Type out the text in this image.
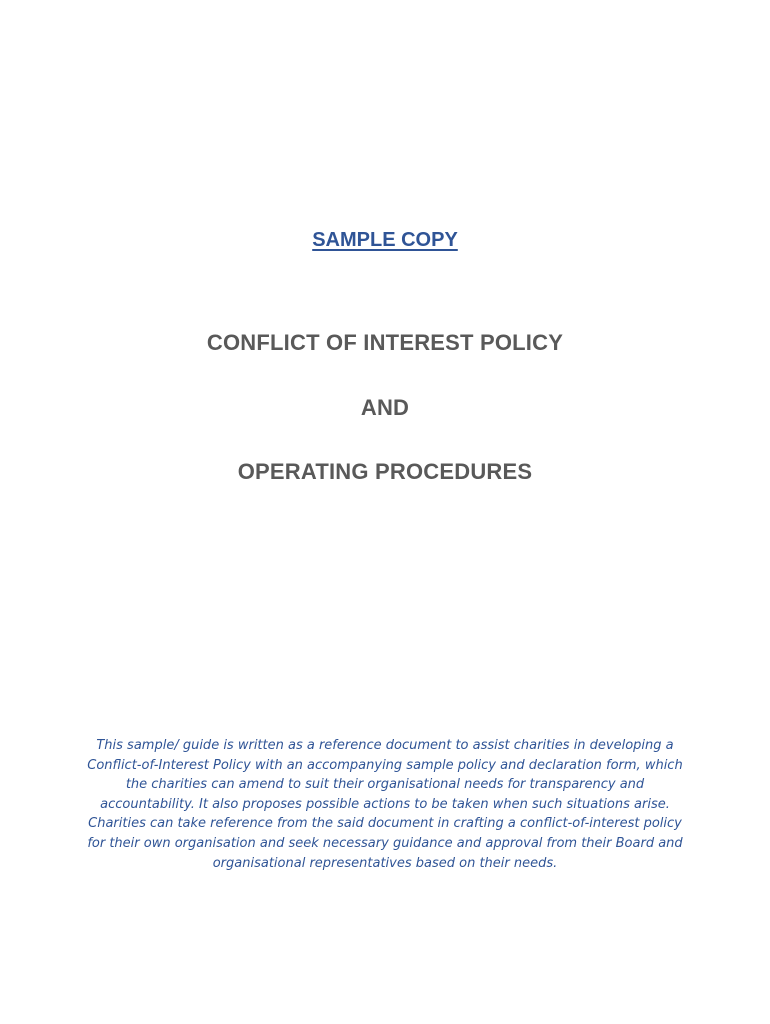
SAMPLE COPY

CONFLICT OF INTEREST POLICY

AND

OPERATING PROCEDURES

This sample/ guide is written as a reference document to assist charities in developing a Conflict-of-Interest Policy with an accompanying sample policy and declaration form, which the charities can amend to suit their organisational needs for transparency and accountability. It also proposes possible actions to be taken when such situations arise. Charities can take reference from the said document in crafting a conflict-of-interest policy for their own organisation and seek necessary guidance and approval from their Board and organisational representatives based on their needs.
